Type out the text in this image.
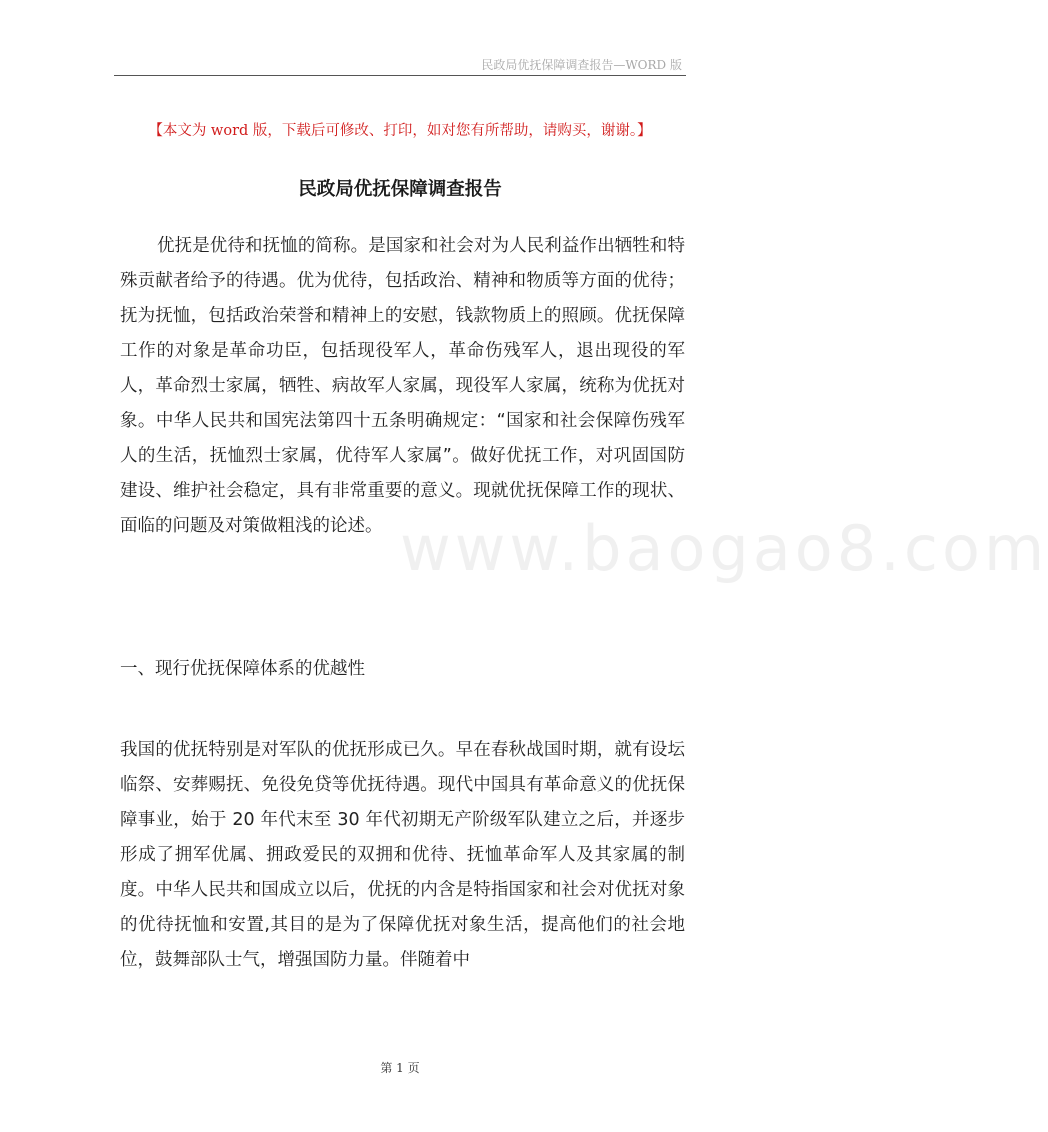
民政局优抚保障调查报告—WORD 版
【本文为 word 版，下载后可修改、打印，如对您有所帮助，请购买，谢谢。】
民政局优抚保障调查报告

优抚是优待和抚恤的简称。是国家和社会对为人民利益作出牺牲和特殊贡献者给予的待遇。优为优待，包括政治、精神和物质等方面的优待；抚为抚恤，包括政治荣誉和精神上的安慰，钱款物质上的照顾。优抚保障工作的对象是革命功臣，包括现役军人，革命伤残军人，退出现役的军人，革命烈士家属，牺牲、病故军人家属，现役军人家属，统称为优抚对象。中华人民共和国宪法第四十五条明确规定：“国家和社会保障伤残军人的生活，抚恤烈士家属，优待军人家属”。做好优抚工作，对巩固国防建设、维护社会稳定，具有非常重要的意义。现就优抚保障工作的现状、面临的问题及对策做粗浅的论述。 www.baogao8.com
一、现行优抚保障体系的优越性

我国的优抚特别是对军队的优抚形成已久。早在春秋战国时期，就有设坛临祭、安葬赐抚、免役免贷等优抚待遇。现代中国具有革命意义的优抚保障事业，始于 20 年代末至 30 年代初期无产阶级军队建立之后，并逐步形成了拥军优属、拥政爱民的双拥和优待、抚恤革命军人及其家属的制度。中华人民共和国成立以后，优抚的内含是特指国家和社会对优抚对象的优待抚恤和安置,其目的是为了保障优抚对象生活，提高他们的社会地位，鼓舞部队士气，增强国防力量。伴随着中

第 1 页
